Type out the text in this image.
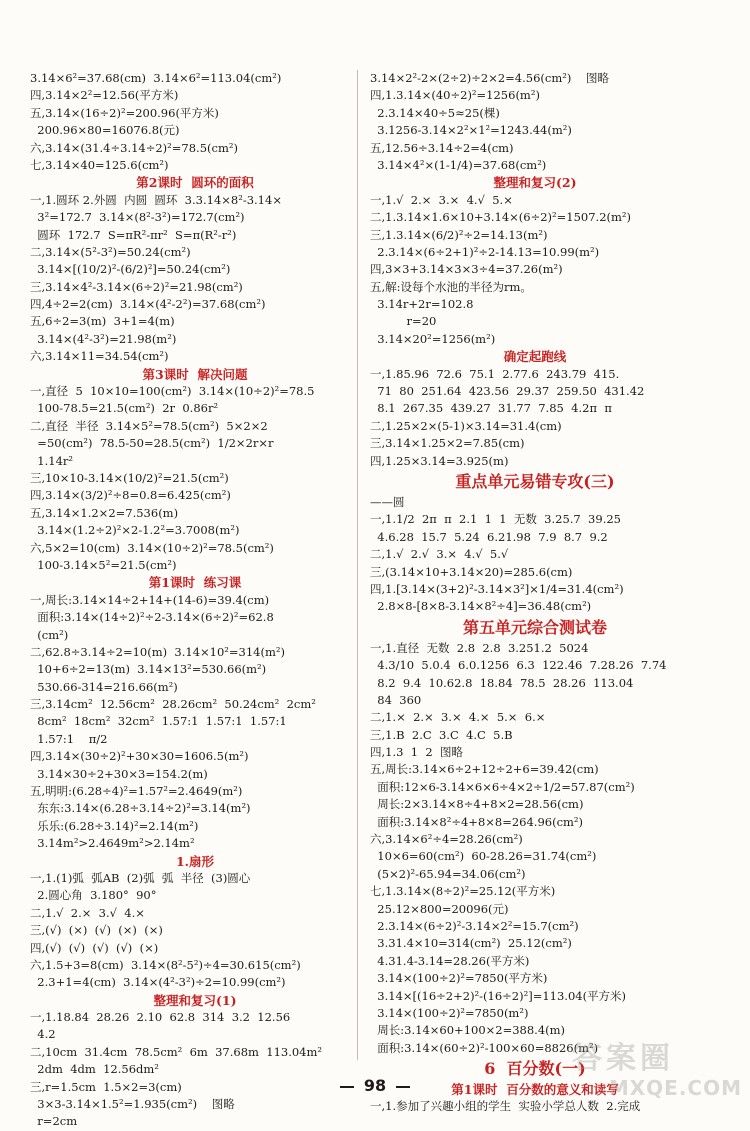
3.14×6²=37.68(cm)  3.14×6²=113.04(cm²)
四,3.14×2²=12.56(平方米)
五,3.14×(16÷2)²=200.96(平方米)
200.96×80=16076.8(元)
六,3.14×(31.4÷3.14÷2)²=78.5(cm²)
七,3.14×40=125.6(cm²)
第2课时  圆环的面积
一,1.圆环 2.外圆  内圆  圆环  3.3.14×8²-3.14×
3²=172.7  3.14×(8²-3²)=172.7(cm²)
圆环  172.7  S=πR²-πr²  S=π(R²-r²)
二,3.14×(5²-3²)=50.24(cm²)
3.14×[(10/2)²-(6/2)²]=50.24(cm²)
三,3.14×4²-3.14×(6÷2)²=21.98(cm²)
四,4÷2=2(cm)  3.14×(4²-2²)=37.68(cm²)
五,6÷2=3(m)  3+1=4(m)
3.14×(4²-3²)=21.98(m²)
六,3.14×11=34.54(cm²)
第3课时  解决问题
一,直径  5  10×10=100(cm²)  3.14×(10÷2)²=78.5
100-78.5=21.5(cm²)  2r  0.86r²
二,直径  半径  3.14×5²=78.5(cm²)  5×2×2
=50(cm²)  78.5-50=28.5(cm²)  1/2×2r×r
1.14r²
三,10×10-3.14×(10/2)²=21.5(cm²)
四,3.14×(3/2)²÷8=0.8=6.425(cm²)
五,3.14×1.2×2=7.536(m)
3.14×(1.2÷2)²×2-1.2²=3.7008(m²)
六,5×2=10(cm)  3.14×(10÷2)²=78.5(cm²)
100-3.14×5²=21.5(cm²)
第1课时  练习课
一,周长:3.14×14÷2+14+(14-6)=39.4(cm)
面积:3.14×(14÷2)²÷2-3.14×(6÷2)²=62.8
(cm²)
二,62.8÷3.14÷2=10(m)  3.14×10²=314(m²)
10+6÷2=13(m)  3.14×13²=530.66(m²)
530.66-314=216.66(m²)
三,3.14cm²  12.56cm²  28.26cm²  50.24cm²  2cm²
8cm²  18cm²  32cm²  1.57:1  1.57:1  1.57:1
1.57:1    π/2
四,3.14×(30÷2)²+30×30=1606.5(m²)
3.14×30÷2+30×3=154.2(m)
五,明明:(6.28÷4)²=1.57²=2.4649(m²)
东东:3.14×(6.28÷3.14÷2)²=3.14(m²)
乐乐:(6.28÷3.14)²=2.14(m²)
3.14m²>2.4649m²>2.14m²
1.扇形
一,1.(1)弧  弧AB  (2)弧  弧  半径  (3)圆心
2.圆心角  3.180°  90°
二,1.√  2.×  3.√  4.×
三,(√)  (×)  (√)  (×)  (×)
四,(√)  (√)  (√)  (√)  (×)
六,1.5+3=8(cm)  3.14×(8²-5²)÷4=30.615(cm²)
2.3+1=4(cm)  3.14×(4²-3²)÷2=10.99(cm²)
整理和复习(1)
一,1.18.84  28.26  2.10  62.8  314  3.2  12.56
4.2
二,10cm  31.4cm  78.5cm²  6m  37.68m  113.04m²
2dm  4dm  12.56dm²
三,r=1.5cm  1.5×2=3(cm)
3×3-3.14×1.5²=1.935(cm²)    图略
r=2cm
3.14×2²-2×(2÷2)÷2×2=4.56(cm²)    图略
四,1.3.14×(40÷2)²=1256(m²)
2.3.14×40÷5≈25(棵)
3.1256-3.14×2²×1²=1243.44(m²)
五,12.56÷3.14÷2=4(cm)
3.14×4²×(1-1/4)=37.68(cm²)
整理和复习(2)
一,1.√  2.×  3.×  4.√  5.×
二,1.3.14×1.6×10+3.14×(6÷2)²=1507.2(m²)
三,1.3.14×(6/2)²÷2=14.13(m²)
2.3.14×(6÷2+1)²÷2-14.13=10.99(m²)
四,3×3+3.14×3×3÷4=37.26(m²)
五,解:设每个水池的半径为rm。
3.14r+2r=102.8
r=20
3.14×20²=1256(m²)
确定起跑线
一,1.85.96  72.6  75.1  2.77.6  243.79  415.
71  80  251.64  423.56  29.37  259.50  431.42
8.1  267.35  439.27  31.77  7.85  4.2π  π
二,1.25×2×(5-1)×3.14=31.4(cm)
三,3.14×1.25×2=7.85(cm)
四,1.25×3.14=3.925(m)
重点单元易错专攻(三)
——圆
一,1.1/2  2π  π  2.1  1  1  无数  3.25.7  39.25
4.6.28  15.7  5.24  6.21.98  7.9  8.7  9.2
二,1.√  2.√  3.×  4.√  5.√
三,(3.14×10+3.14×20)=285.6(cm)
四,1.[3.14×(3+2)²-3.14×3²]×1/4=31.4(cm²)
2.8×8-[8×8-3.14×8²÷4]=36.48(cm²)
第五单元综合测试卷
一,1.直径  无数  2.8  2.8  3.251.2  5024
4.3/10  5.0.4  6.0.1256  6.3  122.46  7.28.26  7.74
8.2  9.4  10.62.8  18.84  78.5  28.26  113.04
84  360
二,1.×  2.×  3.×  4.×  5.×  6.×
三,1.B  2.C  3.C  4.C  5.B
四,1.3  1  2  图略
五,周长:3.14×6÷2+12÷2+6=39.42(cm)
面积:12×6-3.14×6×6÷4×2÷1/2=57.87(cm²)
周长:2×3.14×8÷4+8×2=28.56(cm)
面积:3.14×8²÷4+8×8=264.96(cm²)
六,3.14×6²÷4=28.26(cm²)
10×6=60(cm²)  60-28.26=31.74(cm²)
(5×2)²-65.94=34.06(cm²)
七,1.3.14×(8÷2)²=25.12(平方米)
25.12×800=20096(元)
2.3.14×(6÷2)²-3.14×2²=15.7(cm²)
3.31.4×10=314(cm²)  25.12(cm²)
4.31.4-3.14=28.26(平方米)
3.14×(100÷2)²=7850(平方米)
3.14×[(16÷2+2)²-(16÷2)²]=113.04(平方米)
3.14×(100÷2)²=7850(m²)
周长:3.14×60+100×2=388.4(m)
面积:3.14×(60÷2)²-100×60=8826(m²)
6  百分数(一)
第1课时  百分数的意义和读写
一,1.参加了兴趣小组的学生  实验小学总人数  2.完成
98
答案圈
MXQE.COM
